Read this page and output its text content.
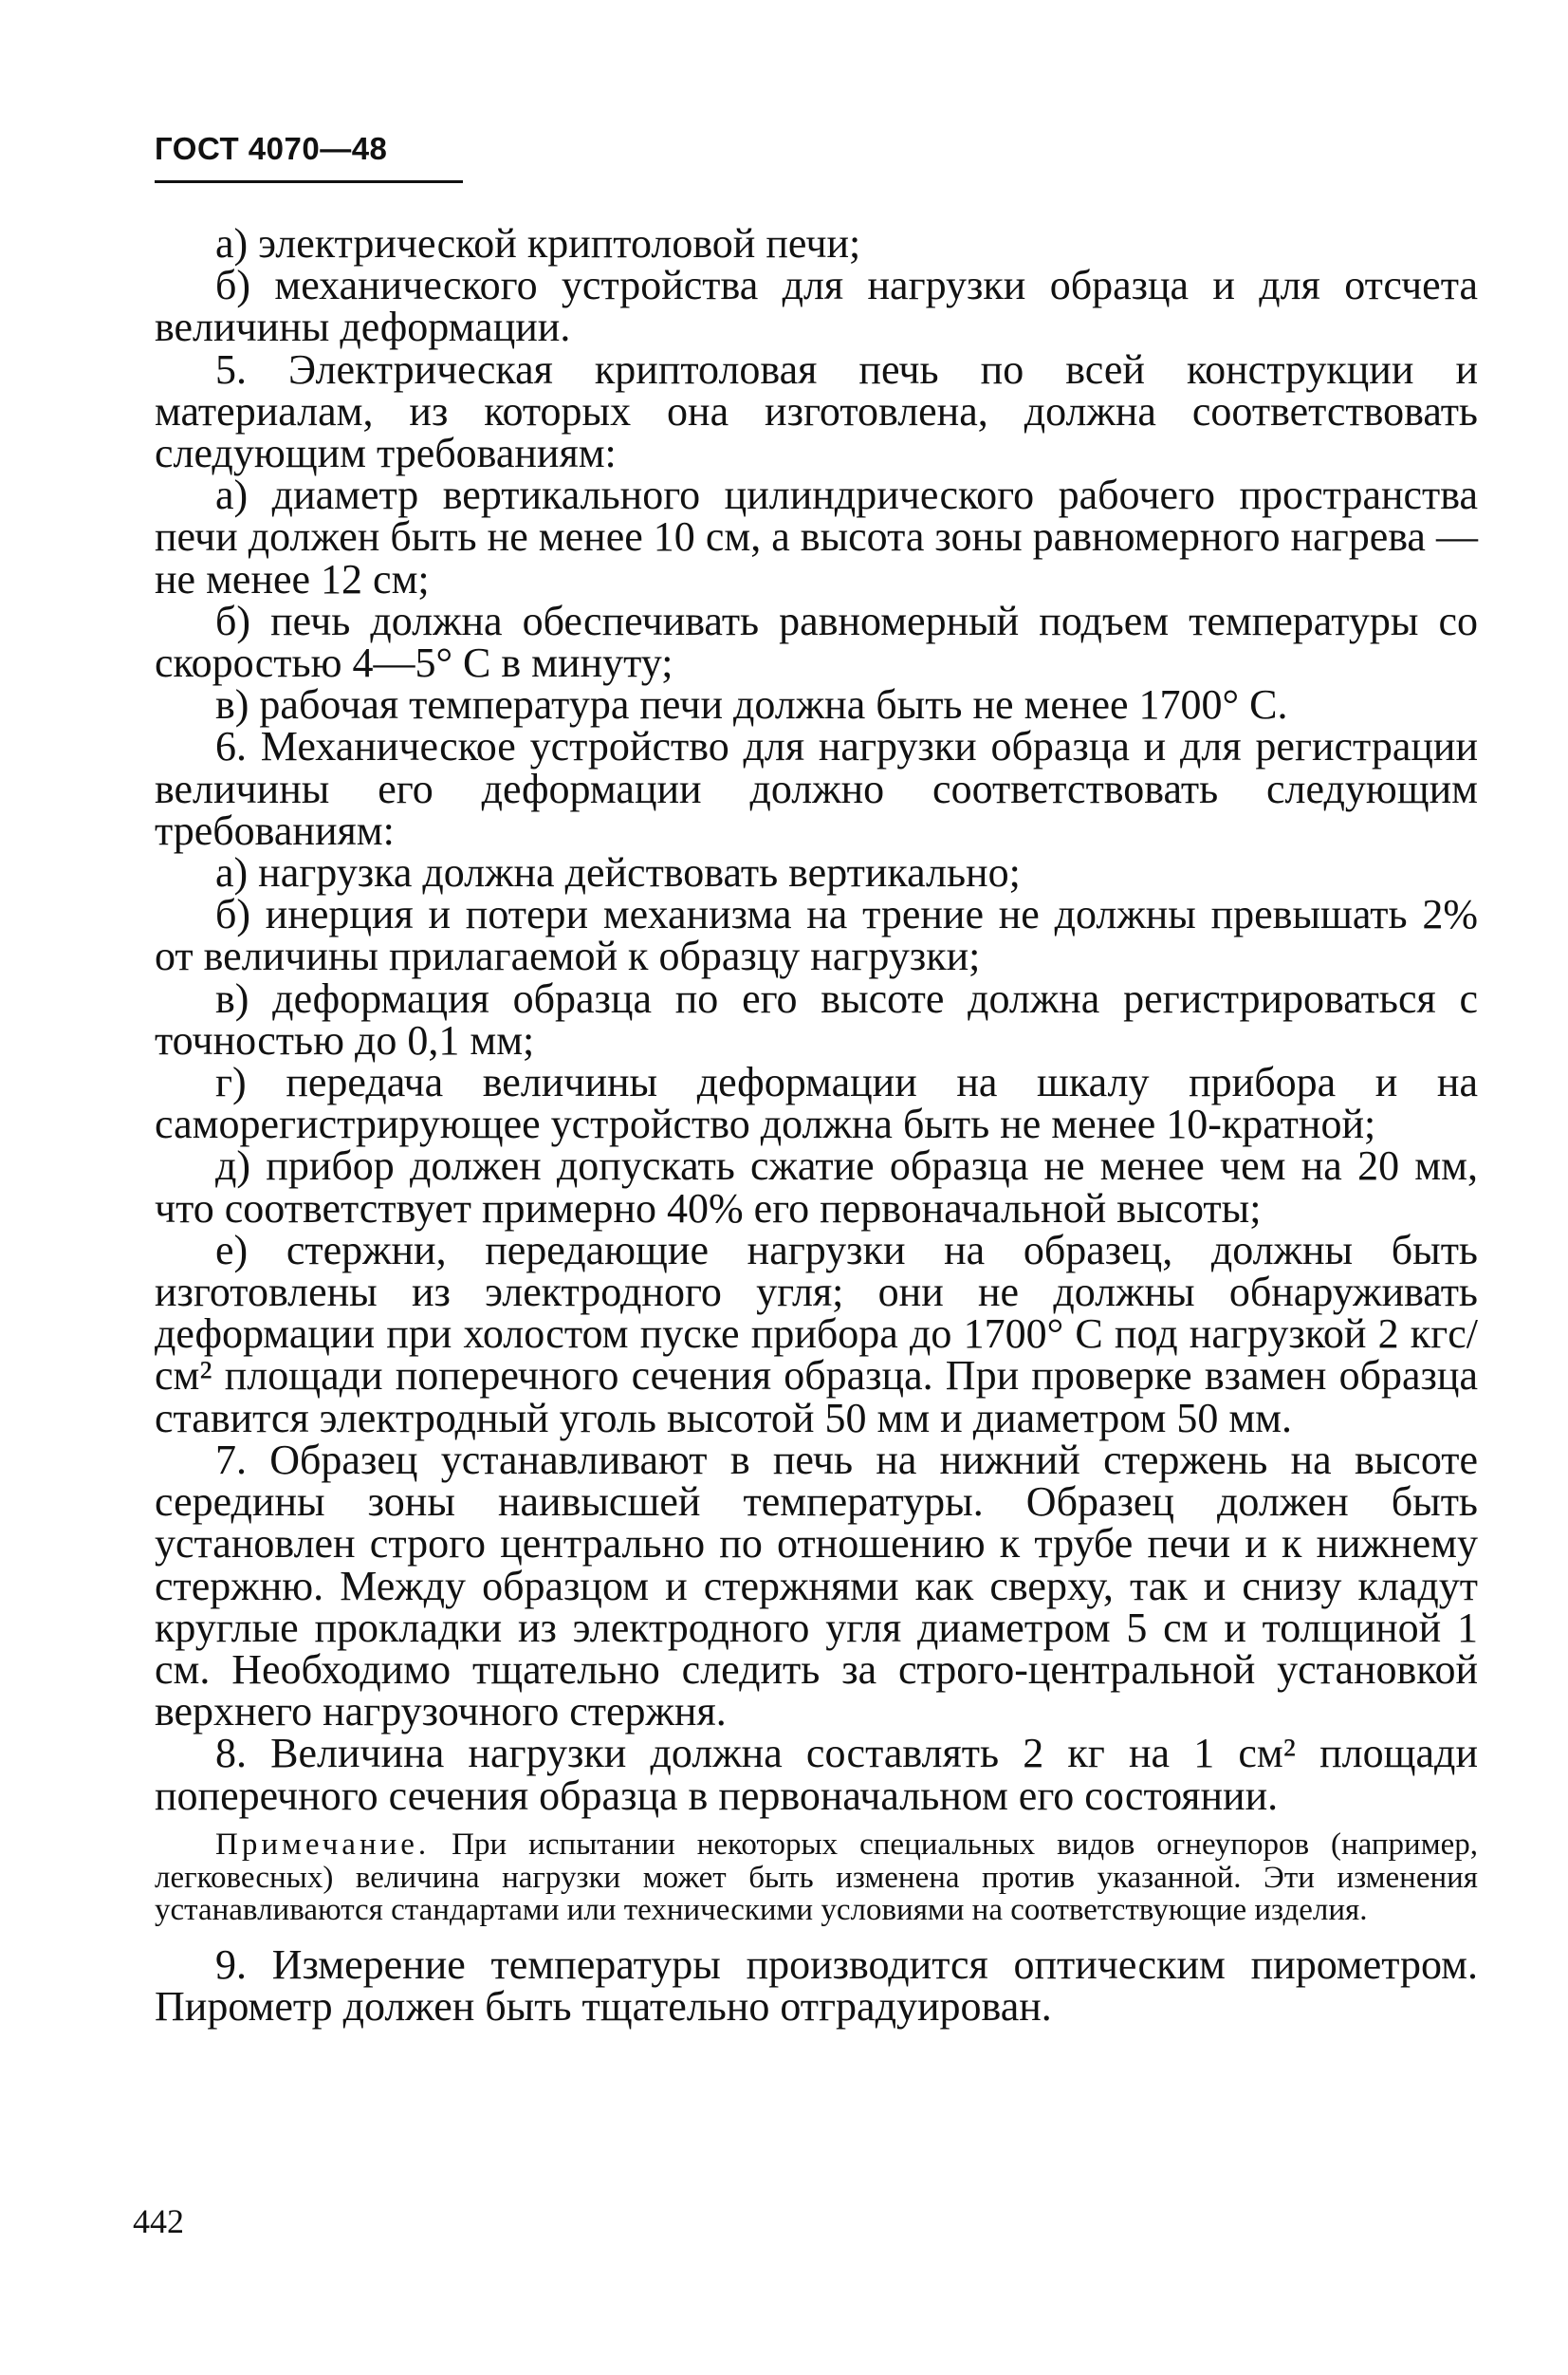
ГОСТ 4070—48

а) электрической криптоловой печи;

б) механического устройства для нагрузки образца и для отсчета величины деформации.

5. Электрическая криптоловая печь по всей конструкции и материалам, из которых она изготовлена, должна соответствовать следующим требованиям:

а) диаметр вертикального цилиндрического рабочего пространства печи должен быть не менее 10 см, а высота зоны равномерного нагрева — не менее 12 см;

б) печь должна обеспечивать равномерный подъем температуры со скоростью 4—5° С в минуту;

в) рабочая температура печи должна быть не менее 1700° С.

6. Механическое устройство для нагрузки образца и для регистрации величины его деформации должно соответствовать следующим требованиям:

а) нагрузка должна действовать вертикально;

б) инерция и потери механизма на трение не должны превышать 2% от величины прилагаемой к образцу нагрузки;

в) деформация образца по его высоте должна регистрироваться с точностью до 0,1 мм;

г) передача величины деформации на шкалу прибора и на самoрегистрирующее устройство должна быть не менее 10-кратной;

д) прибор должен допускать сжатие образца не менее чем на 20 мм, что соответствует примерно 40% его первоначальной высоты;

е) стержни, передающие нагрузки на образец, должны быть изготовлены из электродного угля; они не должны обнаруживать деформации при холостом пуске прибора до 1700° С под нагрузкой 2 кгс/см² площади поперечного сечения образца. При проверке взамен образца ставится электродный уголь высотой 50 мм и диаметром 50 мм.

7. Образец устанавливают в печь на нижний стержень на высоте середины зоны наивысшей температуры. Образец должен быть установлен строго центрально по отношению к трубе печи и к нижнему стержню. Между образцом и стержнями как сверху, так и снизу кладут круглые прокладки из электродного угля диаметром 5 см и толщиной 1 см. Необходимо тщательно следить за строго-центральной установкой верхнего нагрузочного стержня.

8. Величина нагрузки должна составлять 2 кг на 1 см² площади поперечного сечения образца в первоначальном его состоянии.

Примечание. При испытании некоторых специальных видов огнеупоров (например, легковесных) величина нагрузки может быть изменена против указанной. Эти изменения устанавливаются стандартами или техническими условиями на соответствующие изделия.

9. Измерение температуры производится оптическим пирометром. Пирометр должен быть тщательно отградуирован.

442
